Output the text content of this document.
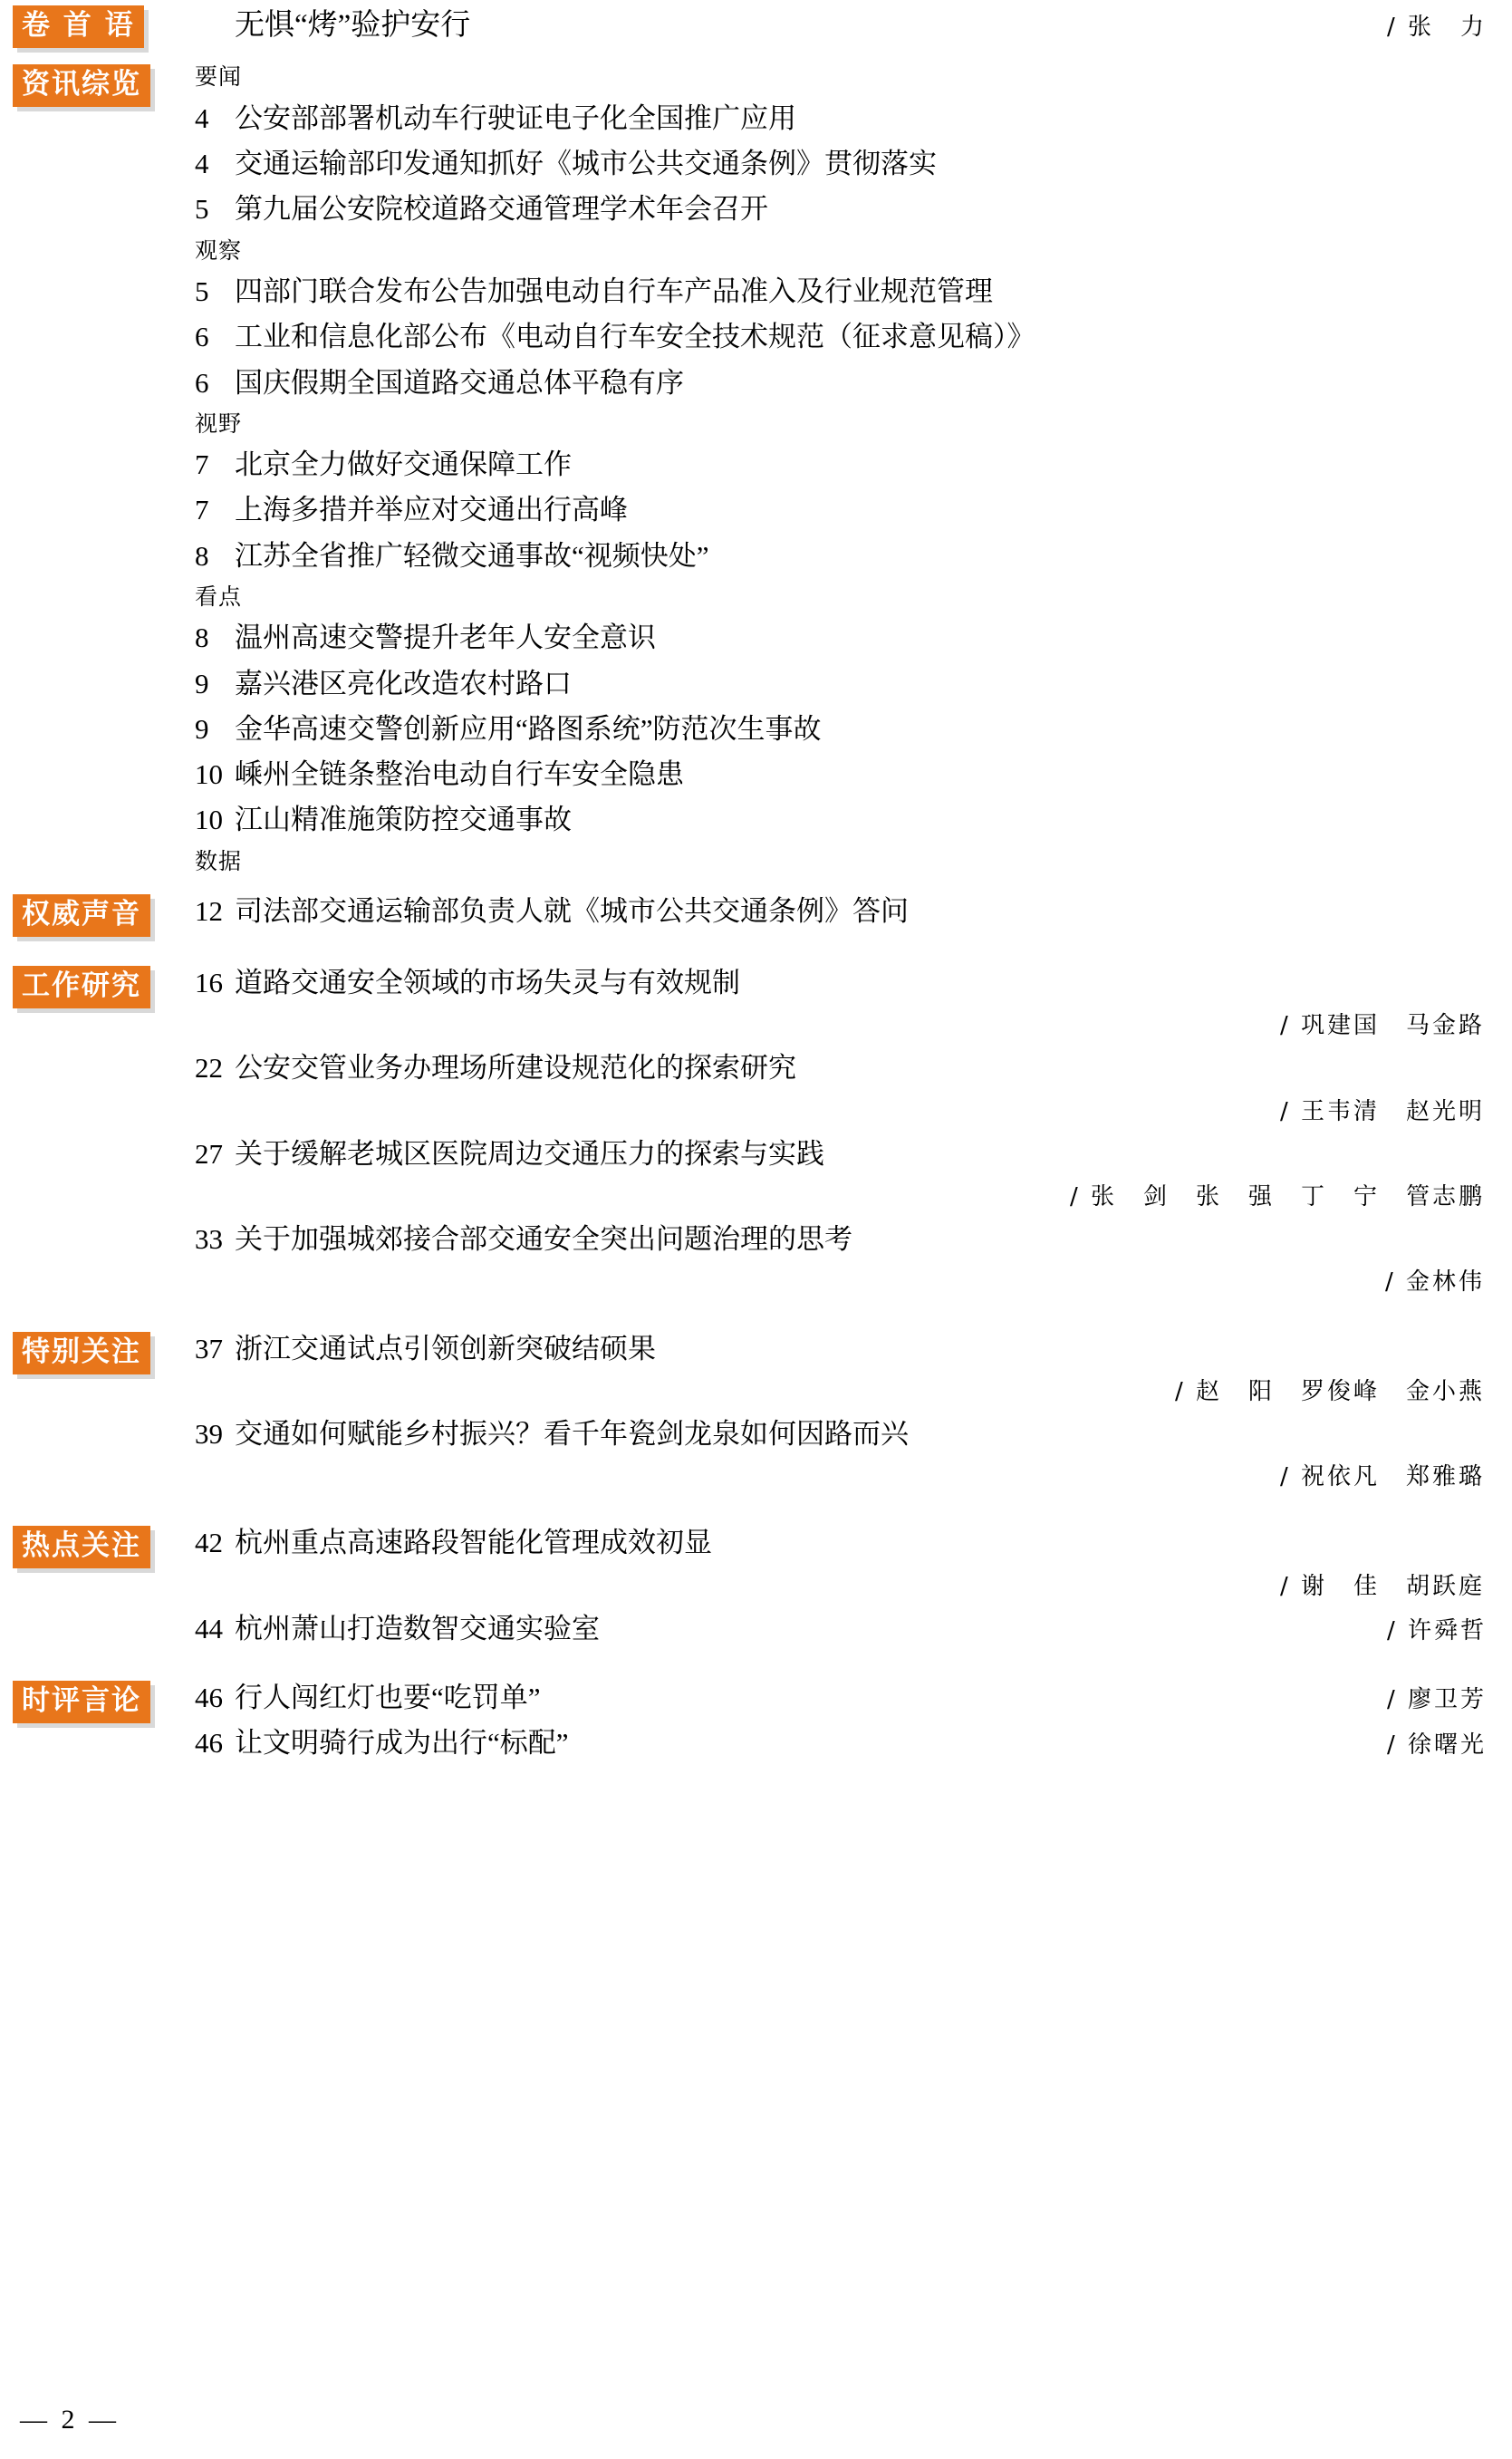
卷 首 语	无惧“烤”验护安行	/ 张　力
资讯综览	要闻
4 公安部部署机动车行驶证电子化全国推广应用
4 交通运输部印发通知抓好《城市公共交通条例》贯彻落实
5 第九届公安院校道路交通管理学术年会召开
观察
5 四部门联合发布公告加强电动自行车产品准入及行业规范管理
6 工业和信息化部公布《电动自行车安全技术规范（征求意见稿）》
6 国庆假期全国道路交通总体平稳有序
视野
7 北京全力做好交通保障工作
7 上海多措并举应对交通出行高峰
8 江苏全省推广轻微交通事故“视频快处”
看点
8 温州高速交警提升老年人安全意识
9 嘉兴港区亮化改造农村路口
9 金华高速交警创新应用“路图系统”防范次生事故
10 嵊州全链条整治电动自行车安全隐患
10 江山精准施策防控交通事故
数据
权威声音	12 司法部交通运输部负责人就《城市公共交通条例》答问
工作研究	16 道路交通安全领域的市场失灵与有效规制
/ 巩建国　马金路
22 公安交管业务办理场所建设规范化的探索研究
/ 王韦清　赵光明
27 关于缓解老城区医院周边交通压力的探索与实践
/ 张　剑　张　强　丁　宁　管志鹏
33 关于加强城郊接合部交通安全突出问题治理的思考
/ 金林伟
特别关注	37 浙江交通试点引领创新突破结硕果
/ 赵　阳　罗俊峰　金小燕
39 交通如何赋能乡村振兴？看千年瓷剑龙泉如何因路而兴
/ 祝依凡　郑雅璐
热点关注	42 杭州重点高速路段智能化管理成效初显
/ 谢　佳　胡跃庭
44 杭州萧山打造数智交通实验室	/ 许舜哲
时评言论	46 行人闯红灯也要“吃罚单”	/ 廖卫芳
46 让文明骑行成为出行“标配”	/ 徐曙光
— 2 —
